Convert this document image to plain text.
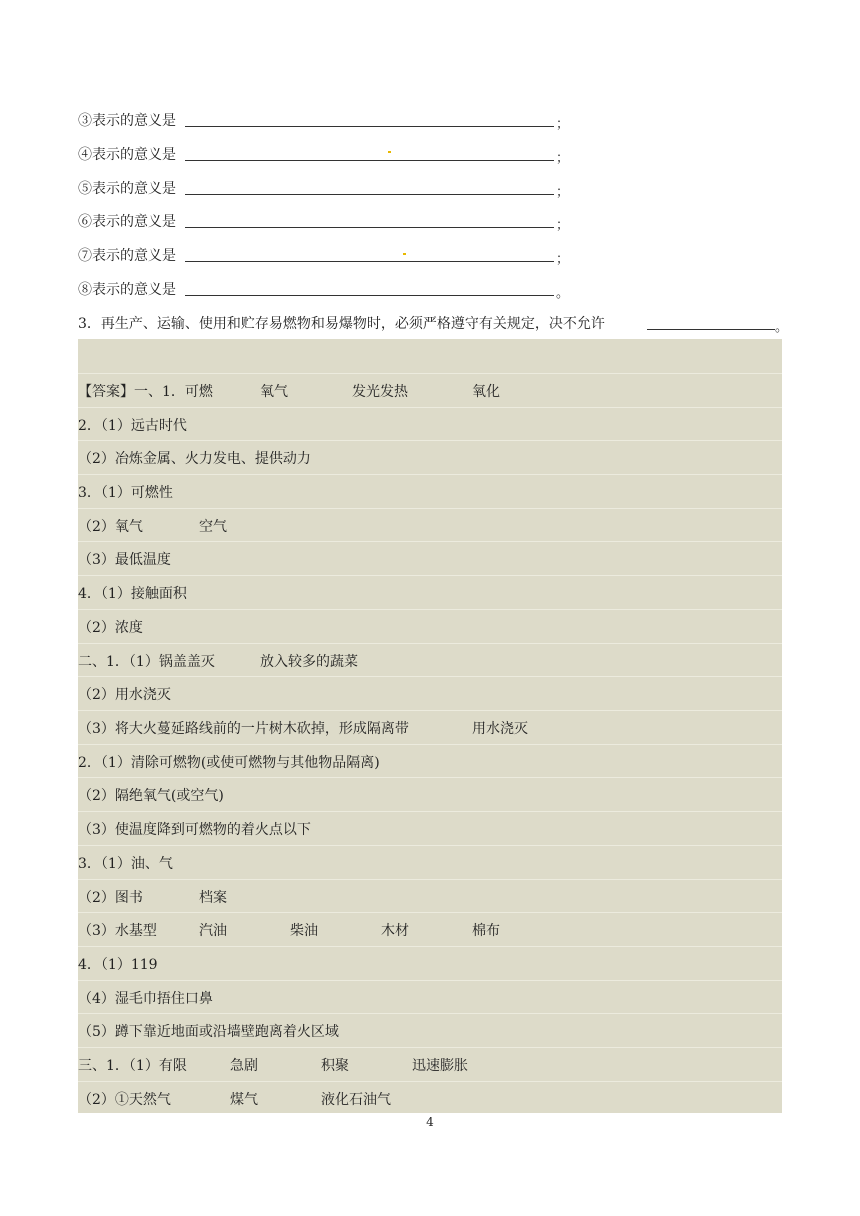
③表示的意义是	；
④表示的意义是	；
⑤表示的意义是	；
⑥表示的意义是	；
⑦表示的意义是	；
⑧表示的意义是	。
3．再生产、运输、使用和贮存易燃物和易爆物时，必须严格遵守有关规定，决不允许	。
【答案】一、1．可燃	氧气	发光发热	氧化
2．（1）远古时代
（2）冶炼金属、火力发电、提供动力
3．（1）可燃性
（2）氧气	空气
（3）最低温度
4．（1）接触面积
（2）浓度
二、1．（1）锅盖盖灭	放入较多的蔬菜
（2）用水浇灭
（3）将大火蔓延路线前的一片树木砍掉，形成隔离带	用水浇灭
2．（1）清除可燃物(或使可燃物与其他物品隔离)
（2）隔绝氧气(或空气)
（3）使温度降到可燃物的着火点以下
3．（1）油、气
（2）图书	档案
（3）水基型	汽油	柴油	木材	棉布
4．（1）119
（4）湿毛巾捂住口鼻
（5）蹲下靠近地面或沿墙壁跑离着火区域
三、1．（1）有限	急剧	积聚	迅速膨胀
（2）①天然气	煤气	液化石油气
4
